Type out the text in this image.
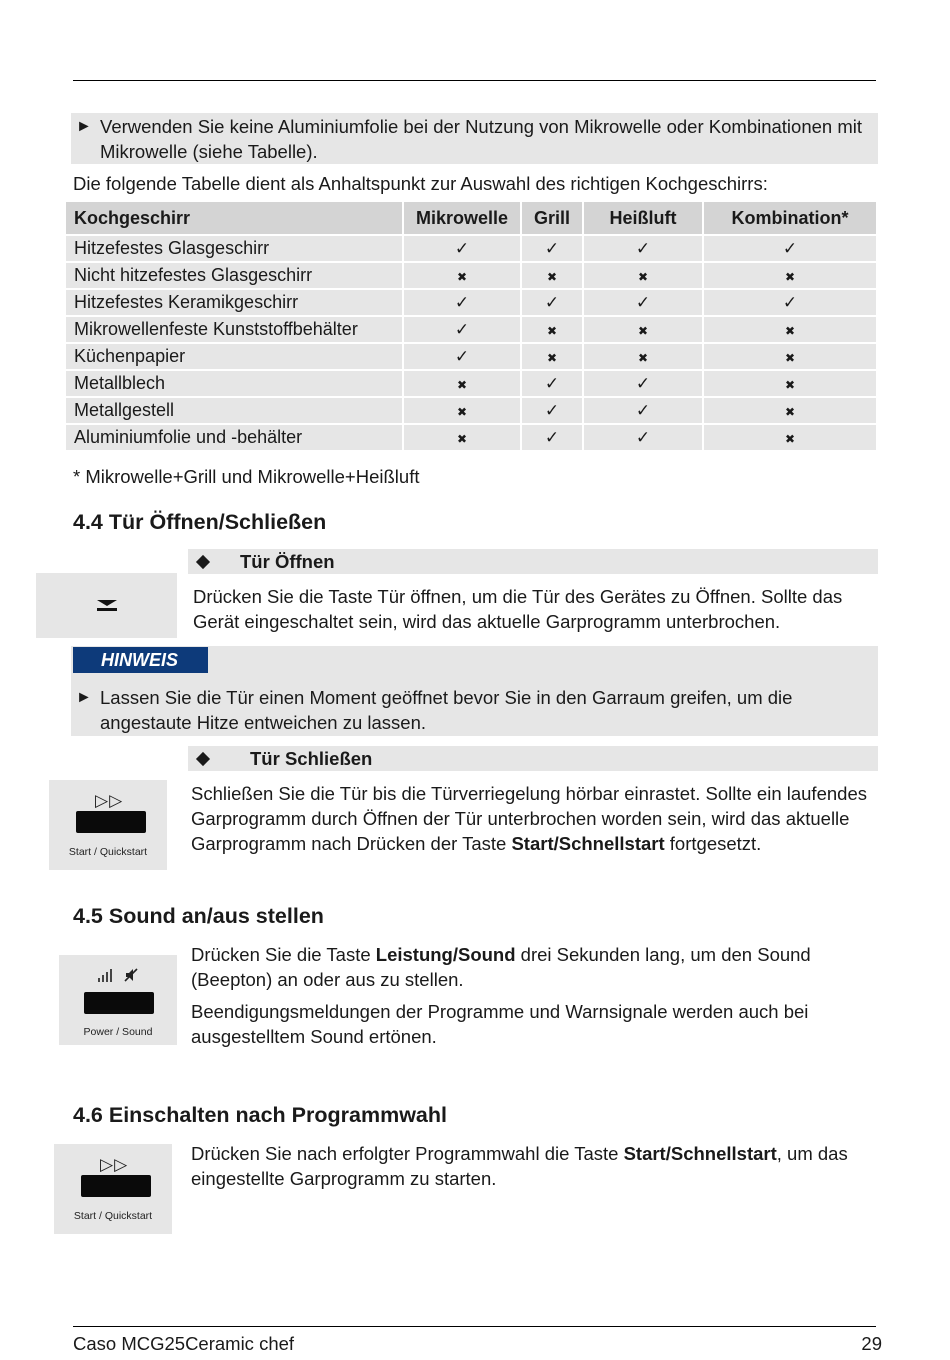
► Verwenden Sie keine Aluminiumfolie bei der Nutzung von Mikrowelle oder Kombinationen mit Mikrowelle (siehe Tabelle).
Die folgende Tabelle dient als Anhaltspunkt zur Auswahl des richtigen Kochgeschirrs:
Kochgeschirr	Mikrowelle	Grill	Heißluft	Kombination*
Hitzefestes Glasgeschirr	✓	✓	✓	✓
Nicht hitzefestes Glasgeschirr	✖	✖	✖	✖
Hitzefestes Keramikgeschirr	✓	✓	✓	✓
Mikrowellenfeste Kunststoffbehälter	✓	✖	✖	✖
Küchenpapier	✓	✖	✖	✖
Metallblech	✖	✓	✓	✖
Metallgestell	✖	✓	✓	✖
Aluminiumfolie und -behälter	✖	✓	✓	✖
* Mikrowelle+Grill und Mikrowelle+Heißluft
4.4 Tür Öffnen/Schließen
Tür Öffnen
Drücken Sie die Taste Tür öffnen, um die Tür des Gerätes zu Öffnen. Sollte das Gerät eingeschaltet sein, wird das aktuelle Garprogramm unterbrochen.
HINWEIS
► Lassen Sie die Tür einen Moment geöffnet bevor Sie in den Garraum greifen, um die angestaute Hitze entweichen zu lassen.
Tür Schließen
▷▷
Start / Quickstart
Schließen Sie die Tür bis die Türverriegelung hörbar einrastet. Sollte ein laufendes Garprogramm durch Öffnen der Tür unterbrochen worden sein, wird das aktuelle Garprogramm nach Drücken der Taste Start/Schnellstart fortgesetzt.
4.5 Sound an/aus stellen
Power / Sound
Drücken Sie die Taste Leistung/Sound drei Sekunden lang, um den Sound (Beepton) an oder aus zu stellen.
Beendigungsmeldungen der Programme und Warnsignale werden auch bei ausgestelltem Sound ertönen.
4.6 Einschalten nach Programmwahl
▷▷
Start / Quickstart
Drücken Sie nach erfolgter Programmwahl die Taste Start/Schnellstart, um das eingestellte Garprogramm zu starten.
Caso MCG25Ceramic chef	29
